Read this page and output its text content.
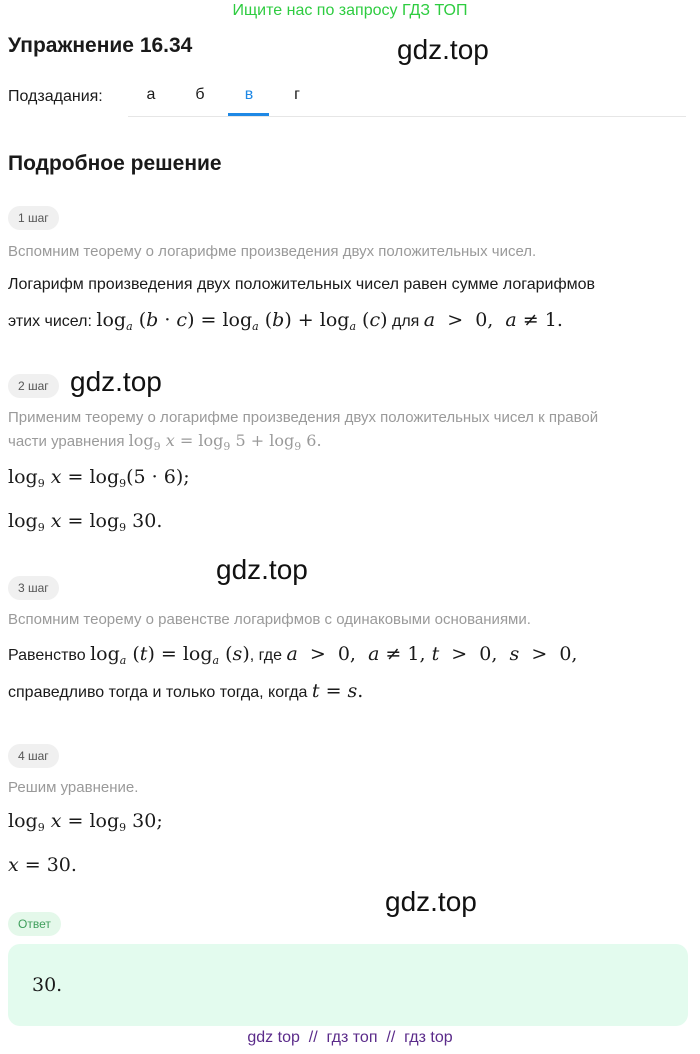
Ищите нас по запросу ГДЗ ТОП
Упражнение 16.34	gdz.top
Подзадания:	а	б	в	г
Подробное решение
1 шаг
Вспомним теорему о логарифме произведения двух положительных чисел.
Логарифм произведения двух положительных чисел равен сумме логарифмов
этих чисел: $\log_a (b \cdot c) = \log_a (b) + \log_a (c)$ для a  >  0,  a ≠ 1.
2 шаг gdz.top
Применим теорему о логарифме произведения двух положительных чисел к правой
части уравнения $\log_9 x = \log_9 5 + \log_9 6$.
$\log_9 x = \log_9(5 \cdot 6)$;
$\log_9 x = \log_9 30$.
gdz.top
3 шаг
Вспомним теорему о равенстве логарифмов с одинаковыми основаниями.
Равенство $\log_a (t) = \log_a (s)$, где a  >  0,  a ≠ 1, t  >  0,  s  >  0,
справедливо тогда и только тогда, когда t = s.
4 шаг
Решим уравнение.
$\log_9 x = \log_9 30$;
x = 30.
gdz.top
Ответ
30.
gdz top  //  гдз топ  //  гдз top
